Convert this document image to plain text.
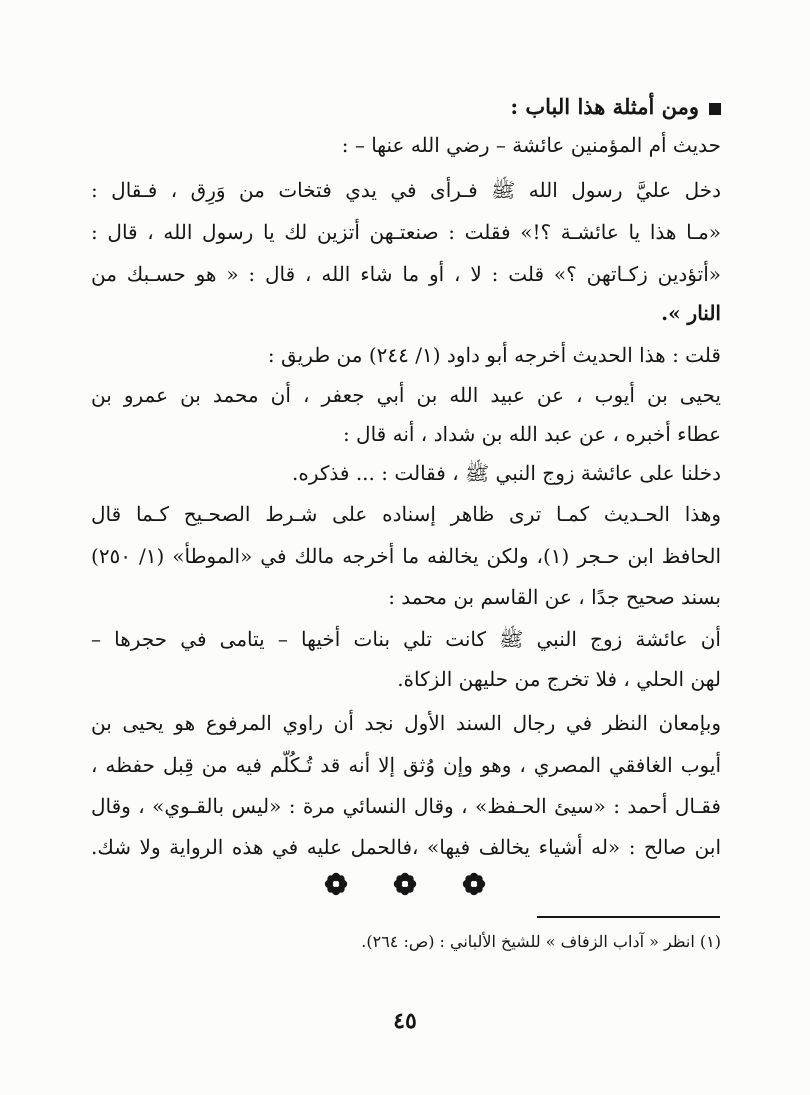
ومن أمثلة هذا الباب :
حديث أم المؤمنين عائشة – رضي الله عنها – :
دخل عليَّ رسول الله ﷺ فـرأى في يدي فتخات من وَرِق ، فـقال :
«مـا هذا يا عائشـة ؟!» فقلت : صنعتـهن أتزين لك يا رسول الله ، قال :
«أتؤدين زكـاتهن ؟» قلت : لا ، أو ما شاء الله ، قال : « هو حسـبك من
النار ».
قلت : هذا الحديث أخرجه أبو داود (١/ ٢٤٤) من طريق :
يحيى بن أيوب ، عن عبيد الله بن أبي جعفر ، أن محمد بن عمرو بن
عطاء أخبره ، عن عبد الله بن شداد ، أنه قال :
دخلنا على عائشة زوج النبي ﷺ ، فقالت : ... فذكره.
وهذا الحـديث كمـا ترى ظاهر إسناده على شـرط الصحـيح كـما قال
الحافظ ابن حـجر (١)، ولكن يخالفه ما أخرجه مالك في «الموطأ» (١/ ٢٥٠)
بسند صحيح جدًا ، عن القاسم بن محمد :
أن عائشة زوج النبي ﷺ كانت تلي بنات أخيها – يتامى في حجرها –
لهن الحلي ، فلا تخرج من حليهن الزكاة.
وبإمعان النظر في رجال السند الأول نجد أن راوي المرفوع هو يحيى بن
أيوب الغافقي المصري ، وهو وإن وُثق إلا أنه قد تُـكُلّم فيه من قِبل حفظه ،
فقـال أحمد : «سيئ الحـفظ» ، وقال النسائي مرة : «ليس بالقـوي» ، وقال
ابن صالح : «له أشياء يخالف فيها» ،فالحمل عليه في هذه الرواية ولا شك.

(١) انظر « آداب الزفاف » للشيخ الألباني : (ص: ٢٦٤).
٤٥
